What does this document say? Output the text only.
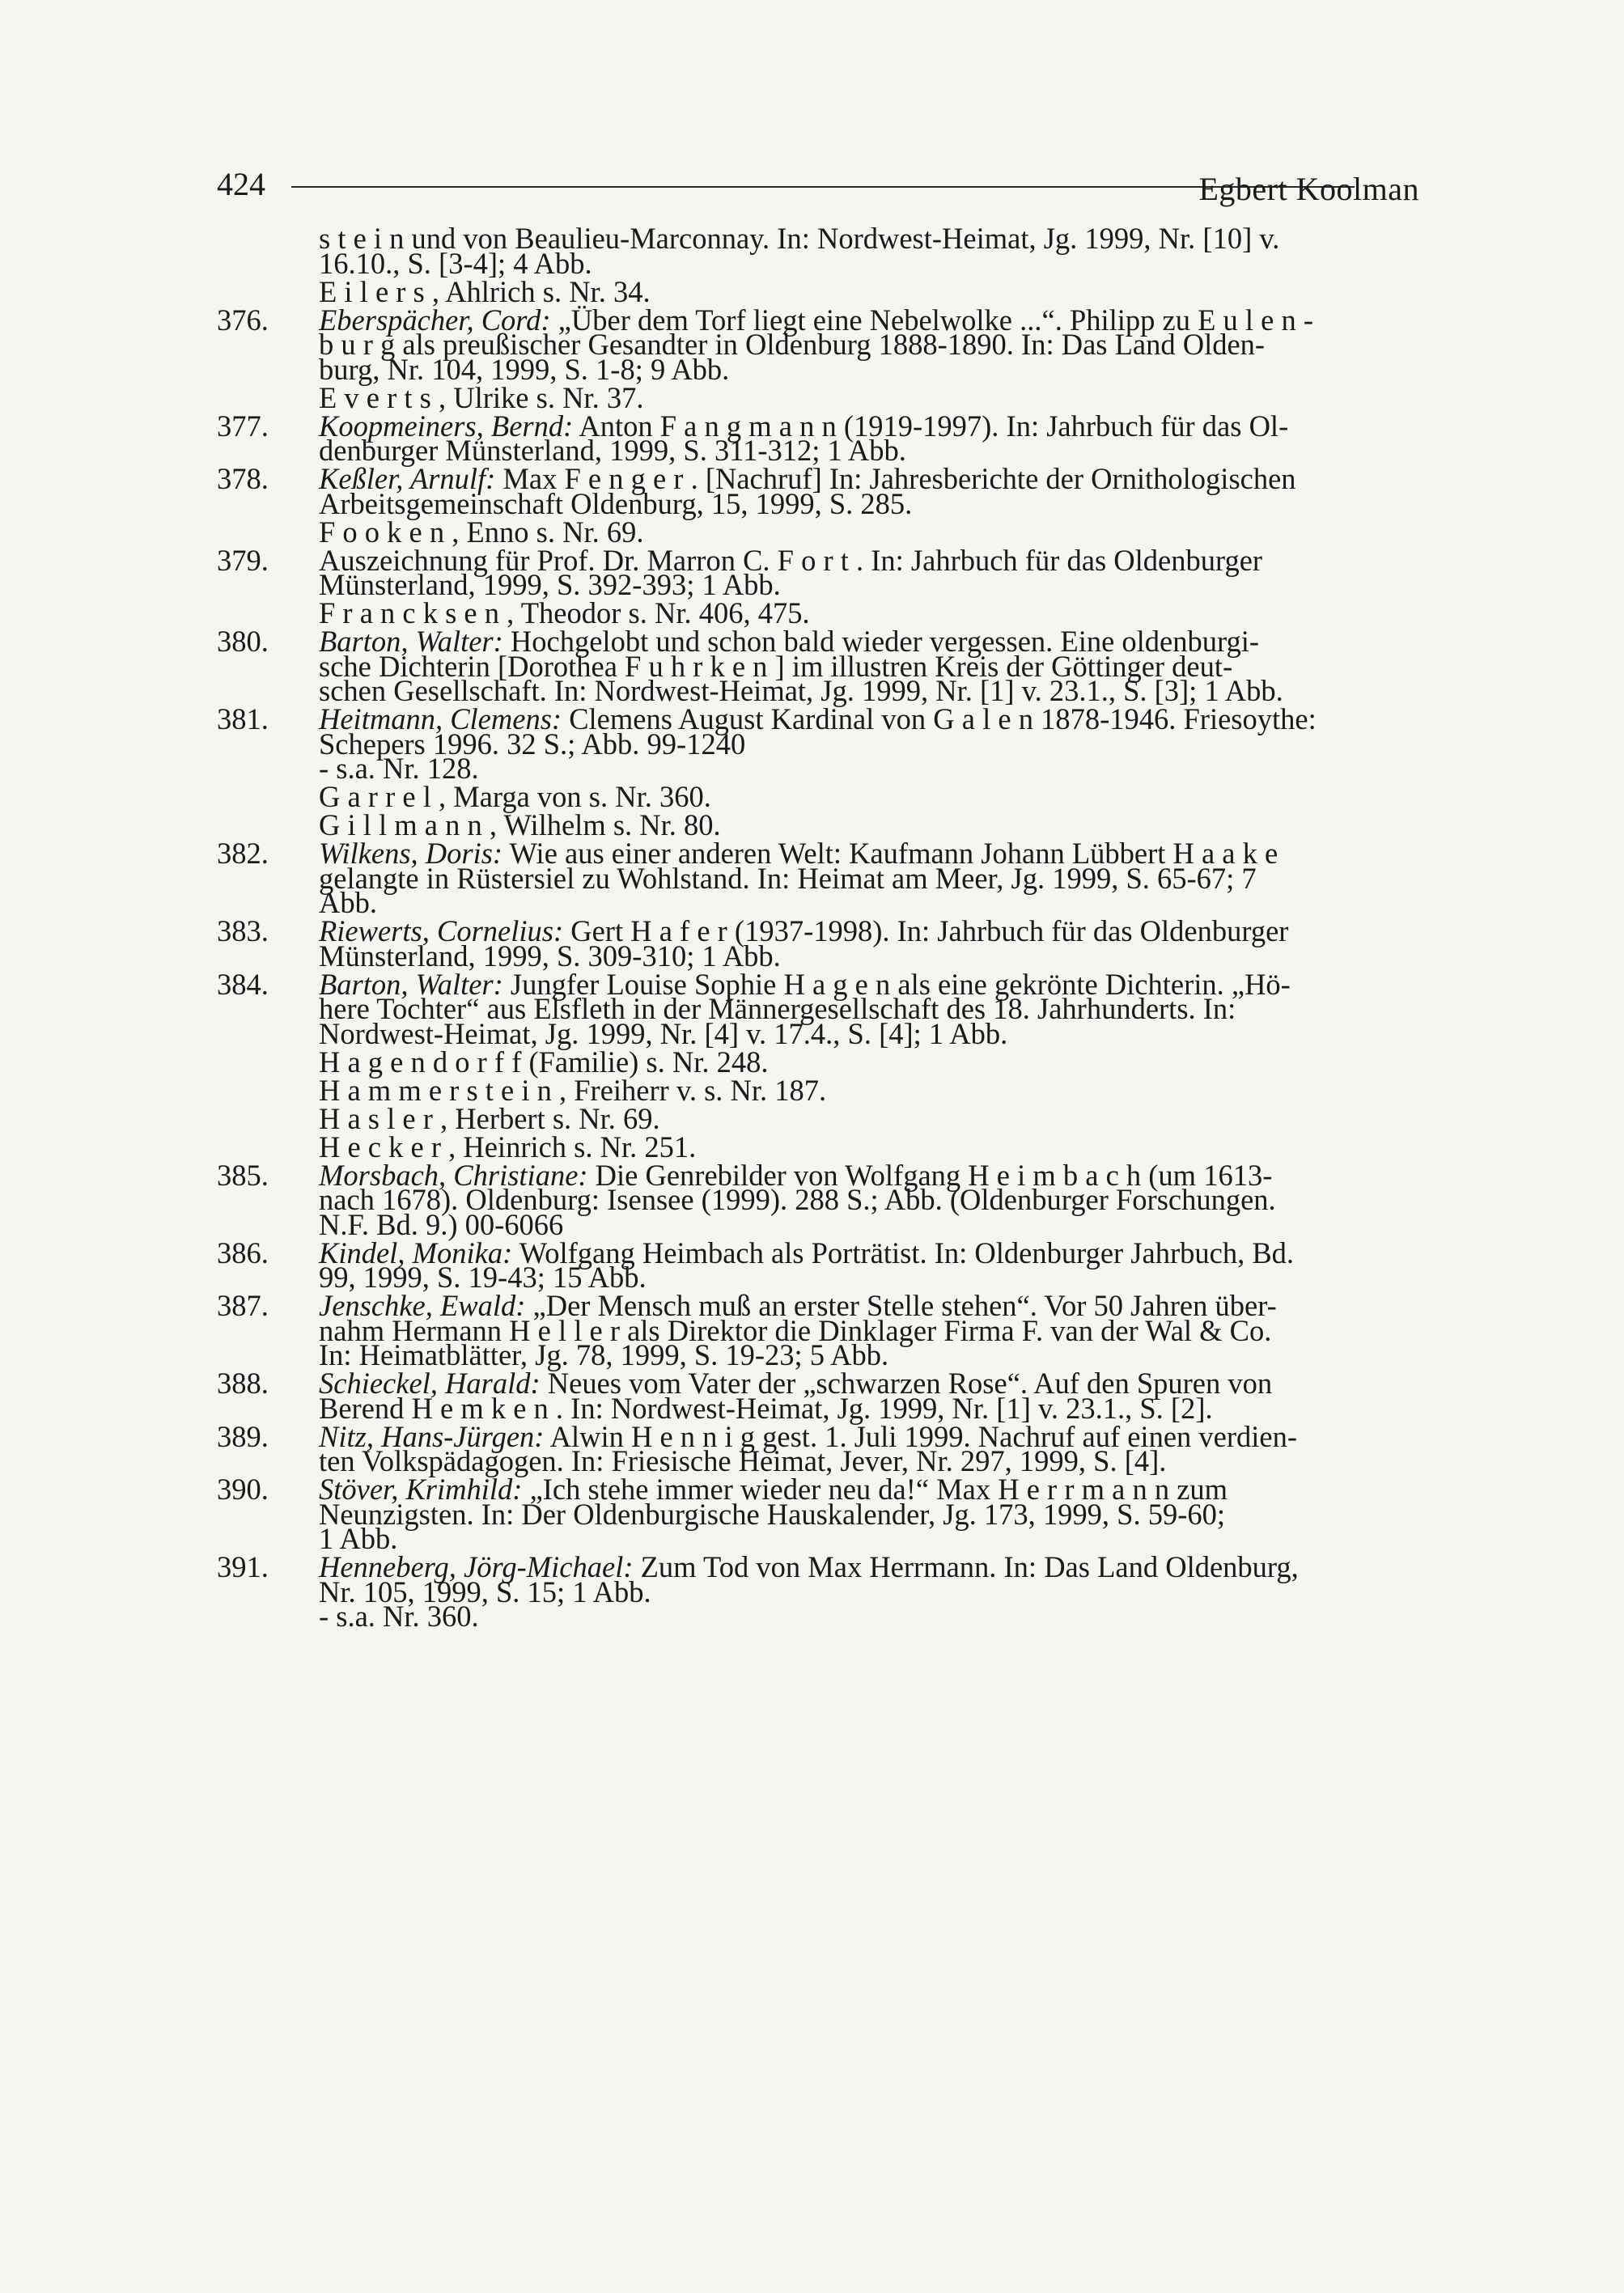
424	Egbert Koolman
s t e i n und von Beaulieu-Marconnay. In: Nordwest-Heimat, Jg. 1999, Nr. [10] v.
16.10., S. [3-4]; 4 Abb.
E i l e r s , Ahlrich s. Nr. 34.
376.	Eberspächer, Cord: „Über dem Torf liegt eine Nebelwolke ...“. Philipp zu E u l e n -
b u r g als preußischer Gesandter in Oldenburg 1888-1890. In: Das Land Olden-
burg, Nr. 104, 1999, S. 1-8; 9 Abb.
E v e r t s , Ulrike s. Nr. 37.
377.	Koopmeiners, Bernd: Anton F a n g m a n n (1919-1997). In: Jahrbuch für das Ol-
denburger Münsterland, 1999, S. 311-312; 1 Abb.
378.	Keßler, Arnulf: Max F e n g e r . [Nachruf] In: Jahresberichte der Ornithologischen
Arbeitsgemeinschaft Oldenburg, 15, 1999, S. 285.
F o o k e n , Enno s. Nr. 69.
379.	Auszeichnung für Prof. Dr. Marron C. F o r t . In: Jahrbuch für das Oldenburger
Münsterland, 1999, S. 392-393; 1 Abb.
F r a n c k s e n , Theodor s. Nr. 406, 475.
380.	Barton, Walter: Hochgelobt und schon bald wieder vergessen. Eine oldenburgi-
sche Dichterin [Dorothea F u h r k e n ] im illustren Kreis der Göttinger deut-
schen Gesellschaft. In: Nordwest-Heimat, Jg. 1999, Nr. [1] v. 23.1., S. [3]; 1 Abb.
381.	Heitmann, Clemens: Clemens August Kardinal von G a l e n 1878-1946. Friesoythe:
Schepers 1996. 32 S.; Abb. 99-1240
- s.a. Nr. 128.
G a r r e l , Marga von s. Nr. 360.
G i l l m a n n , Wilhelm s. Nr. 80.
382.	Wilkens, Doris: Wie aus einer anderen Welt: Kaufmann Johann Lübbert H a a k e
gelangte in Rüstersiel zu Wohlstand. In: Heimat am Meer, Jg. 1999, S. 65-67; 7
Abb.
383.	Riewerts, Cornelius: Gert H a f e r (1937-1998). In: Jahrbuch für das Oldenburger
Münsterland, 1999, S. 309-310; 1 Abb.
384.	Barton, Walter: Jungfer Louise Sophie H a g e n als eine gekrönte Dichterin. „Hö-
here Tochter“ aus Elsfleth in der Männergesellschaft des 18. Jahrhunderts. In:
Nordwest-Heimat, Jg. 1999, Nr. [4] v. 17.4., S. [4]; 1 Abb.
H a g e n d o r f f (Familie) s. Nr. 248.
H a m m e r s t e i n , Freiherr v. s. Nr. 187.
H a s l e r , Herbert s. Nr. 69.
H e c k e r , Heinrich s. Nr. 251.
385.	Morsbach, Christiane: Die Genrebilder von Wolfgang H e i m b a c h (um 1613-
nach 1678). Oldenburg: Isensee (1999). 288 S.; Abb. (Oldenburger Forschungen.
N.F. Bd. 9.) 00-6066
386.	Kindel, Monika: Wolfgang Heimbach als Porträtist. In: Oldenburger Jahrbuch, Bd.
99, 1999, S. 19-43; 15 Abb.
387.	Jenschke, Ewald: „Der Mensch muß an erster Stelle stehen“. Vor 50 Jahren über-
nahm Hermann H e l l e r als Direktor die Dinklager Firma F. van der Wal & Co.
In: Heimatblätter, Jg. 78, 1999, S. 19-23; 5 Abb.
388.	Schieckel, Harald: Neues vom Vater der „schwarzen Rose“. Auf den Spuren von
Berend H e m k e n . In: Nordwest-Heimat, Jg. 1999, Nr. [1] v. 23.1., S. [2].
389.	Nitz, Hans-Jürgen: Alwin H e n n i g gest. 1. Juli 1999. Nachruf auf einen verdien-
ten Volkspädagogen. In: Friesische Heimat, Jever, Nr. 297, 1999, S. [4].
390.	Stöver, Krimhild: „Ich stehe immer wieder neu da!“ Max H e r r m a n n zum
Neunzigsten. In: Der Oldenburgische Hauskalender, Jg. 173, 1999, S. 59-60;
1 Abb.
391.	Henneberg, Jörg-Michael: Zum Tod von Max Herrmann. In: Das Land Oldenburg,
Nr. 105, 1999, S. 15; 1 Abb.
- s.a. Nr. 360.
